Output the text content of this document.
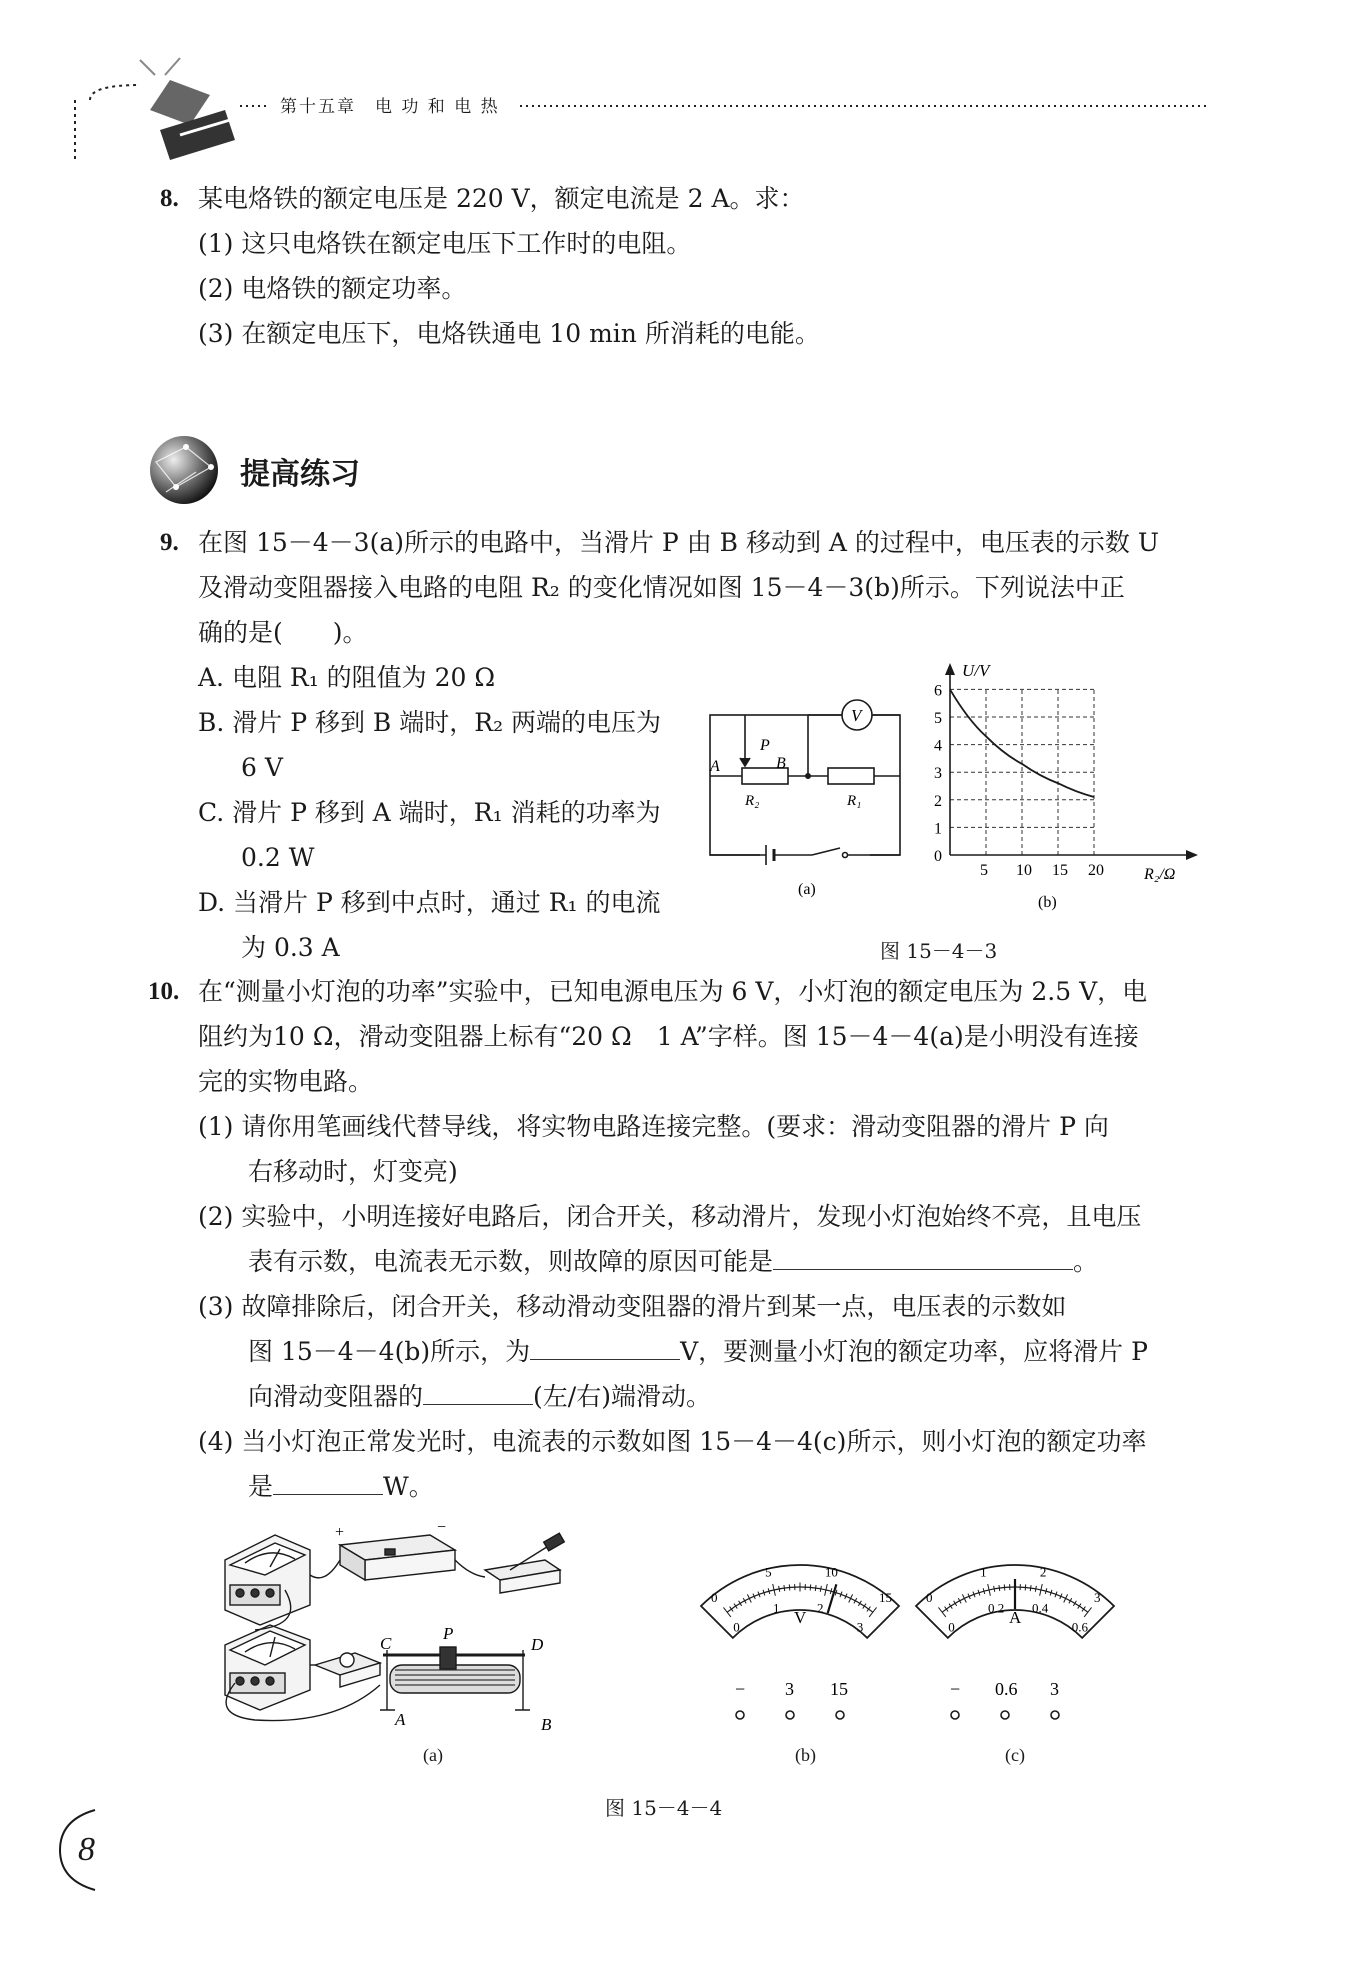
第十五章　电 功 和 电 热
8. 某电烙铁的额定电压是 220 V，额定电流是 2 A。求：
(1) 这只电烙铁在额定电压下工作时的电阻。
(2) 电烙铁的额定功率。
(3) 在额定电压下，电烙铁通电 10 min 所消耗的电能。
提高练习
9. 在图 15－4－3(a)所示的电路中，当滑片 P 由 B 移动到 A 的过程中，电压表的示数 U
及滑动变阻器接入电路的电阻 R₂ 的变化情况如图 15－4－3(b)所示。下列说法中正
确的是(　　)。
A. 电阻 R₁ 的阻值为 20 Ω
B. 滑片 P 移到 B 端时，R₂ 两端的电压为
6 V
C. 滑片 P 移到 A 端时，R₁ 消耗的功率为
0.2 W
D. 当滑片 P 移到中点时，通过 R₁ 的电流
为 0.3 A
V
A	B
P
R₂	R₁
(a)
5 10 15 20
0
1
2
3
4
5
6
U/V
R₂/Ω
(b)
图 15－4－3
10. 在“测量小灯泡的功率”实验中，已知电源电压为 6 V，小灯泡的额定电压为 2.5 V，电
阻约为10 Ω，滑动变阻器上标有“20 Ω　1 A”字样。图 15－4－4(a)是小明没有连接
完的实物电路。
(1) 请你用笔画线代替导线，将实物电路连接完整。(要求：滑动变阻器的滑片 P 向
右移动时，灯变亮)
(2) 实验中，小明连接好电路后，闭合开关，移动滑片，发现小灯泡始终不亮，且电压
表有示数，电流表无示数，则故障的原因可能是	。
(3) 故障排除后，闭合开关，移动滑动变阻器的滑片到某一点，电压表的示数如
图 15－4－4(b)所示，为	V，要测量小灯泡的额定功率，应将滑片 P
向滑动变阻器的	(左/右)端滑动。
(4) 当小灯泡正常发光时，电流表的示数如图 15－4－4(c)所示，则小灯泡的额定功率
是	W。
+	−
C
P
D
A	B
(a)
0
5	10
15
0
1	2
3
V
− 3 15
(b)
0
1	2
3
0
0.2 0.4
0.6
A
− 0.6 3
(c)
图 15－4－4
8
